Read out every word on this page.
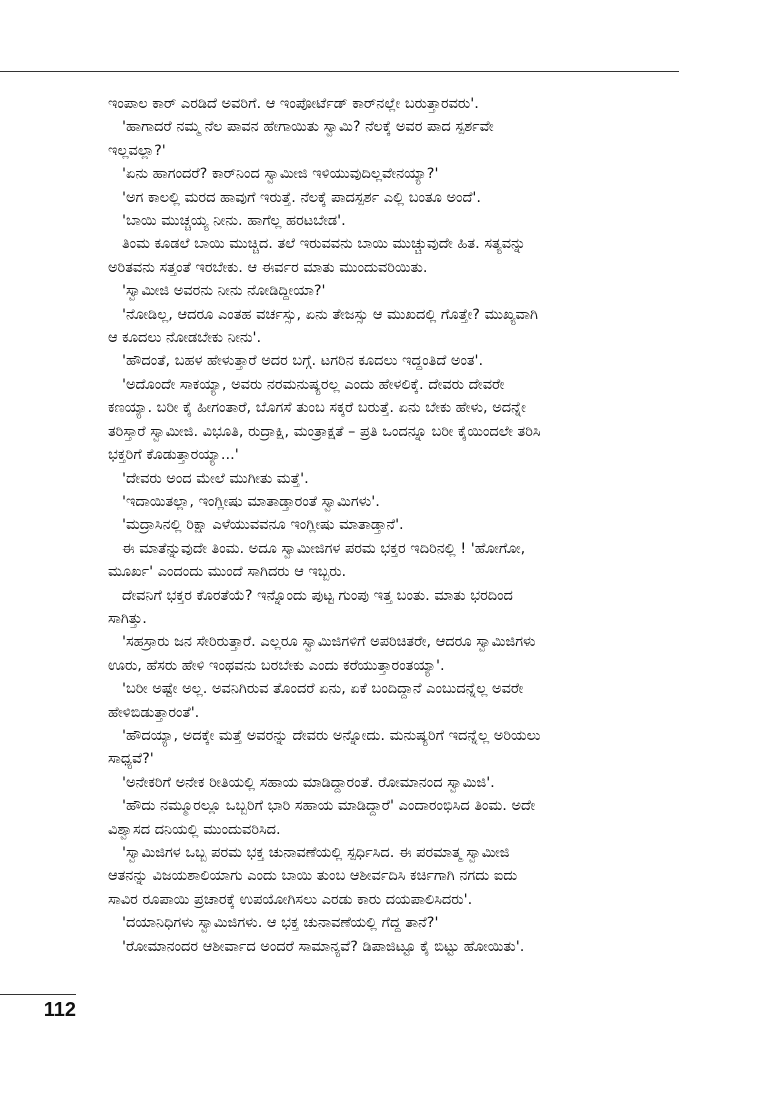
ಇಂಪಾಲ ಕಾರ್ ಎರಡಿದೆ ಅವರಿಗೆ. ಆ ಇಂಪೋರ್ಟೆಡ್ ಕಾರ್‌ನಲ್ಲೇ ಬರುತ್ತಾರವರು'.

'ಹಾಗಾದರೆ ನಮ್ಮ ನೆಲ ಪಾವನ ಹೇಗಾಯಿತು ಸ್ವಾಮಿ? ನೆಲಕ್ಕೆ ಅವರ ಪಾದ ಸ್ಪರ್ಶವೇ

ಇಲ್ಲವಲ್ಲಾ?'

'ಏನು ಹಾಗಂದರೆ? ಕಾರ್‌ನಿಂದ ಸ್ವಾಮೀಜಿ ಇಳಿಯುವುದಿಲ್ಲವೇನಯ್ಯಾ?'

'ಅಗ ಕಾಲಲ್ಲಿ ಮರದ ಹಾವುಗೆ ಇರುತ್ತೆ. ನೆಲಕ್ಕೆ ಪಾದಸ್ಪರ್ಶ ಎಲ್ಲಿ ಬಂತೂ ಅಂದೆ'.

'ಬಾಯಿ ಮುಚ್ಚಯ್ಯ ನೀನು. ಹಾಗೆಲ್ಲ ಹರಟಬೇಡ'.

ತಿಂಮ ಕೂಡಲೆ ಬಾಯಿ ಮುಚ್ಚಿದ. ತಲೆ ಇರುವವನು ಬಾಯಿ ಮುಚ್ಚುವುದೇ ಹಿತ. ಸತ್ಯವನ್ನು

ಅರಿತವನು ಸತ್ತಂತೆ ಇರಬೇಕು. ಆ ಈರ್ವರ ಮಾತು ಮುಂದುವರಿಯಿತು.

'ಸ್ವಾಮೀಜಿ ಅವರನು ನೀನು ನೋಡಿದ್ದೀಯಾ?'

'ನೋಡಿಲ್ಲ, ಆದರೂ ಎಂತಹ ವರ್ಚಸ್ಸು, ಏನು ತೇಜಸ್ಸು ಆ ಮುಖದಲ್ಲಿ ಗೊತ್ತೇ? ಮುಖ್ಯವಾಗಿ

ಆ ಕೂದಲು ನೋಡಬೇಕು ನೀನು'.

'ಹೌದಂತೆ, ಬಹಳ ಹೇಳುತ್ತಾರೆ ಅದರ ಬಗ್ಗೆ. ಟಗರಿನ ಕೂದಲು ಇದ್ದಂತಿದೆ ಅಂತ'.

'ಅದೊಂದೇ ಸಾಕಯ್ಯಾ, ಅವರು ನರಮನುಷ್ಯರಲ್ಲ ಎಂದು ಹೇಳಲಿಕ್ಕೆ. ದೇವರು ದೇವರೇ

ಕಣಯ್ಯಾ. ಬರೀ ಕೈ ಹೀಗಂತಾರೆ, ಬೊಗಸೆ ತುಂಬ ಸಕ್ಕರೆ ಬರುತ್ತೆ. ಏನು ಬೇಕು ಹೇಳು, ಅದನ್ನೇ

ತರಿಸ್ತಾರೆ ಸ್ವಾಮೀಜಿ. ವಿಭೂತಿ, ರುದ್ರಾಕ್ಷಿ, ಮಂತ್ರಾಕ್ಷತೆ – ಪ್ರತಿ ಒಂದನ್ನೂ ಬರೀ ಕೈಯಿಂದಲೇ ತರಿಸಿ

ಭಕ್ತರಿಗೆ ಕೊಡುತ್ತಾರಯ್ಯಾ...'

'ದೇವರು ಅಂದ ಮೇಲೆ ಮುಗೀತು ಮತ್ತೆ'.

'ಇದಾಯಿತಲ್ಲಾ, ಇಂಗ್ಲೀಷು ಮಾತಾಡ್ತಾರಂತೆ ಸ್ವಾಮಿಗಳು'.

'ಮದ್ರಾಸಿನಲ್ಲಿ ರಿಕ್ಷಾ ಎಳೆಯುವವನೂ ಇಂಗ್ಲೀಷು ಮಾತಾಡ್ತಾನೆ'.

ಈ ಮಾತೆನ್ನುವುದೇ ತಿಂಮ. ಅದೂ ಸ್ವಾಮೀಜಿಗಳ ಪರಮ ಭಕ್ತರ ಇದಿರಿನಲ್ಲಿ ! 'ಹೋಗೋ,

ಮೂರ್ಖ' ಎಂದಂದು ಮುಂದೆ ಸಾಗಿದರು ಆ ಇಬ್ಬರು.

ದೇವನಿಗೆ ಭಕ್ತರ ಕೊರತೆಯೆ? ಇನ್ನೊಂದು ಪುಟ್ಟ ಗುಂಪು ಇತ್ತ ಬಂತು. ಮಾತು ಭರದಿಂದ

ಸಾಗಿತ್ತು.

'ಸಹಸ್ರಾರು ಜನ ಸೇರಿರುತ್ತಾರೆ. ಎಲ್ಲರೂ ಸ್ವಾಮಿಜಿಗಳಿಗೆ ಅಪರಿಚಿತರೇ, ಆದರೂ ಸ್ವಾಮಿಜಿಗಳು

ಊರು, ಹೆಸರು ಹೇಳಿ ಇಂಥವನು ಬರಬೇಕು ಎಂದು ಕರೆಯುತ್ತಾರಂತಯ್ಯಾ'.

'ಬರೀ ಅಷ್ಟೇ ಅಲ್ಲ. ಅವನಿಗಿರುವ ತೊಂದರೆ ಏನು, ಏಕೆ ಬಂದಿದ್ದಾನೆ ಎಂಬುದನ್ನೆಲ್ಲ ಅವರೇ

ಹೇಳಿಬಿಡುತ್ತಾರಂತೆ'.

'ಹೌದಯ್ಯಾ, ಅದಕ್ಕೇ ಮತ್ತೆ ಅವರನ್ನು ದೇವರು ಅನ್ನೋದು. ಮನುಷ್ಯರಿಗೆ ಇದನ್ನೆಲ್ಲ ಅರಿಯಲು

ಸಾಧ್ಯವೆ?'

'ಅನೇಕರಿಗೆ ಅನೇಕ ರೀತಿಯಲ್ಲಿ ಸಹಾಯ ಮಾಡಿದ್ದಾರಂತೆ. ರೋಮಾನಂದ ಸ್ವಾಮಿಜಿ'.

'ಹೌದು ನಮ್ಮೂರಲ್ಲೂ ಒಬ್ಬರಿಗೆ ಭಾರಿ ಸಹಾಯ ಮಾಡಿದ್ದಾರೆ' ಎಂದಾರಂಭಿಸಿದ ತಿಂಮ. ಅದೇ

ವಿಶ್ವಾಸದ ದನಿಯಲ್ಲಿ ಮುಂದುವರಿಸಿದ.

'ಸ್ವಾಮಿಜಿಗಳ ಒಬ್ಬ ಪರಮ ಭಕ್ತ ಚುನಾವಣೆಯಲ್ಲಿ ಸ್ಪರ್ಧಿಸಿದ. ಈ ಪರಮಾತ್ಮ ಸ್ವಾಮೀಜಿ

ಆತನನ್ನು ವಿಜಯಶಾಲಿಯಾಗು ಎಂದು ಬಾಯಿ ತುಂಬ ಆಶೀರ್ವದಿಸಿ ಕರ್ಚಿಗಾಗಿ ನಗದು ಐದು

ಸಾವಿರ ರೂಪಾಯಿ ಪ್ರಚಾರಕ್ಕೆ ಉಪಯೋಗಿಸಲು ಎರಡು ಕಾರು ದಯಪಾಲಿಸಿದರು'.

'ದಯಾನಿಧಿಗಳು ಸ್ವಾಮಿಜಿಗಳು. ಆ ಭಕ್ತ ಚುನಾವಣೆಯಲ್ಲಿ ಗೆದ್ದ ತಾನೆ?'

'ರೋಮಾನಂದರ ಆಶೀರ್ವಾದ ಅಂದರೆ ಸಾಮಾನ್ಯವೆ? ಡಿಪಾಜಿಟ್ಟೂ ಕೈ ಬಿಟ್ಟು ಹೋಯಿತು'.

112
